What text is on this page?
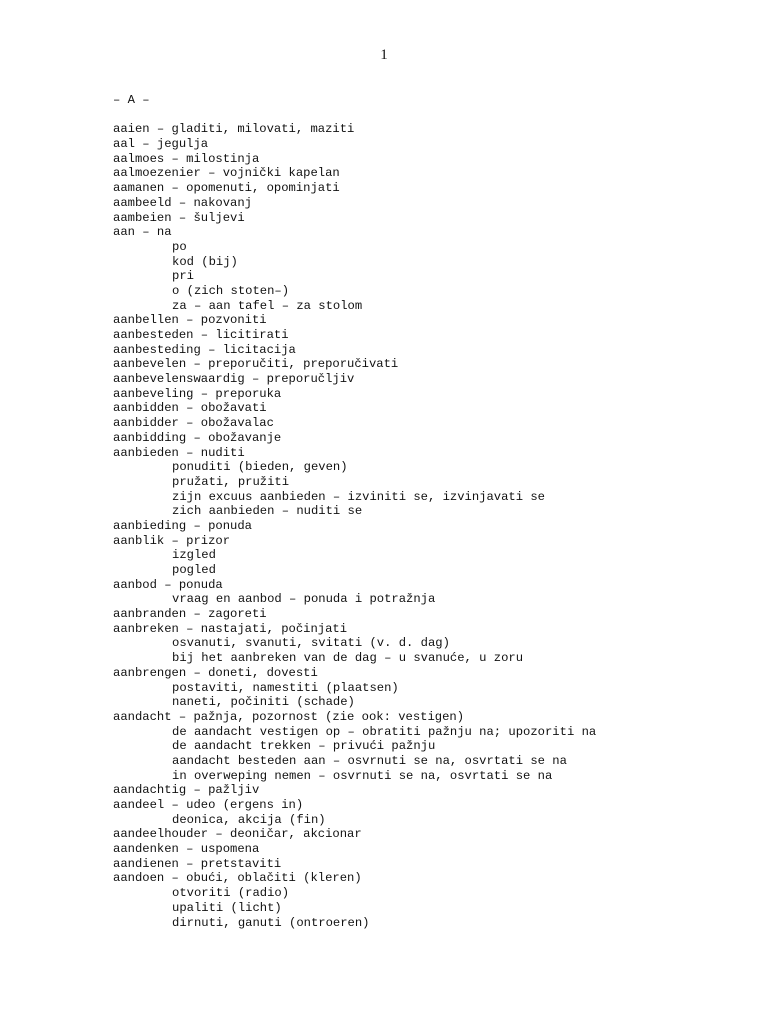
1
– A –
aaien – gladiti, milovati, maziti
aal – jegulja
aalmoes – milostinja
aalmoezenier – vojnički kapelan
aamanen – opomenuti, opominjati
aambeeld – nakovanj
aambeien – šuljevi
aan – na
po
kod (bij)
pri
o (zich stoten–)
za – aan tafel – za stolom
aanbellen – pozvoniti
aanbesteden – licitirati
aanbesteding – licitacija
aanbevelen – preporučiti, preporučivati
aanbevelenswaardig – preporučljiv
aanbeveling – preporuka
aanbidden – obožavati
aanbidder – obožavalac
aanbidding – obožavanje
aanbieden – nuditi
ponuditi (bieden, geven)
pružati, pružiti
zijn excuus aanbieden – izviniti se, izvinjavati se
zich aanbieden – nuditi se
aanbieding – ponuda
aanblik – prizor
izgled
pogled
aanbod – ponuda
vraag en aanbod – ponuda i potražnja
aanbranden – zagoreti
aanbreken – nastajati, počinjati
osvanuti, svanuti, svitati (v. d. dag)
bij het aanbreken van de dag – u svanuće, u zoru
aanbrengen – doneti, dovesti
postaviti, namestiti (plaatsen)
naneti, počiniti (schade)
aandacht – pažnja, pozornost (zie ook: vestigen)
de aandacht vestigen op – obratiti pažnju na; upozoriti na
de aandacht trekken – privući pažnju
aandacht besteden aan – osvrnuti se na, osvrtati se na
in overweping nemen – osvrnuti se na, osvrtati se na
aandachtig – pažljiv
aandeel – udeo (ergens in)
deonica, akcija (fin)
aandeelhouder – deoničar, akcionar
aandenken – uspomena
aandienen – pretstaviti
aandoen – obući, oblačiti (kleren)
otvoriti (radio)
upaliti (licht)
dirnuti, ganuti (ontroeren)
